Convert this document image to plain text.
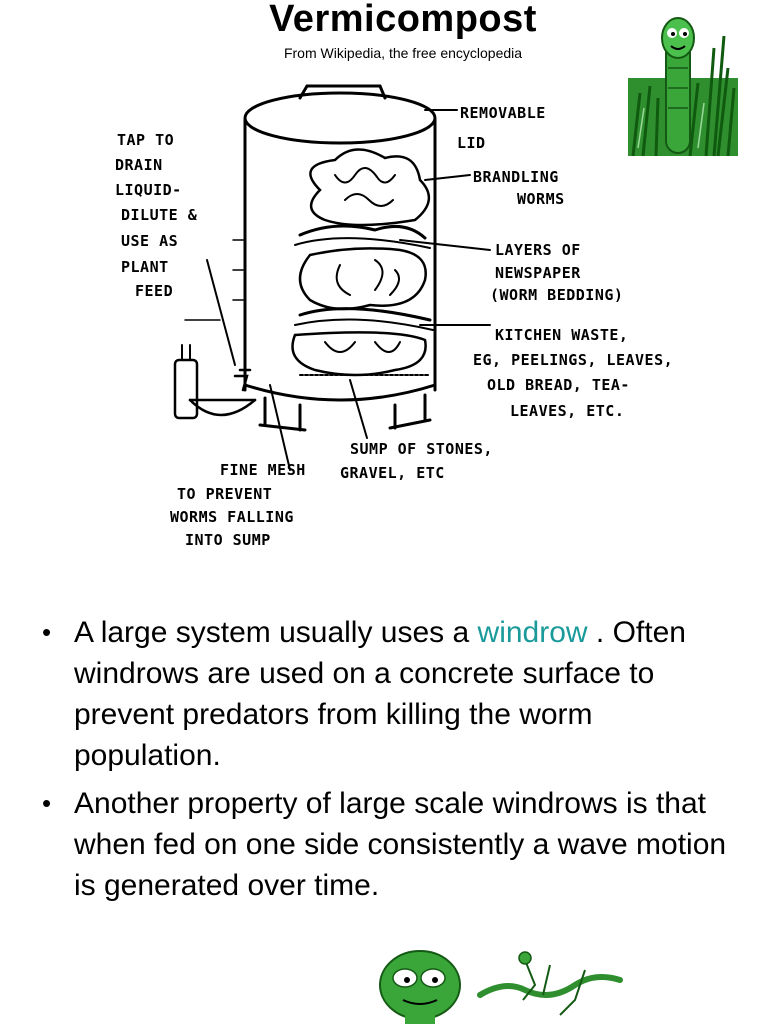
Vermicompost
From Wikipedia, the free encyclopedia
TAP TO
DRAIN
LIQUID-
DILUTE &
USE AS
PLANT
FEED
REMOVABLE
LID
BRANDLING
WORMS
LAYERS OF
NEWSPAPER
(WORM BEDDING)
KITCHEN WASTE,
EG, PEELINGS, LEAVES,
OLD BREAD, TEA-
LEAVES, ETC.
SUMP OF STONES,
GRAVEL, ETC
FINE MESH
TO PREVENT
WORMS FALLING
INTO SUMP
• A large system usually uses a windrow . Often windrows are used on a concrete surface to prevent predators from killing the worm population.
• Another property of large scale windrows is that when fed on one side consistently a wave motion is generated over time.
